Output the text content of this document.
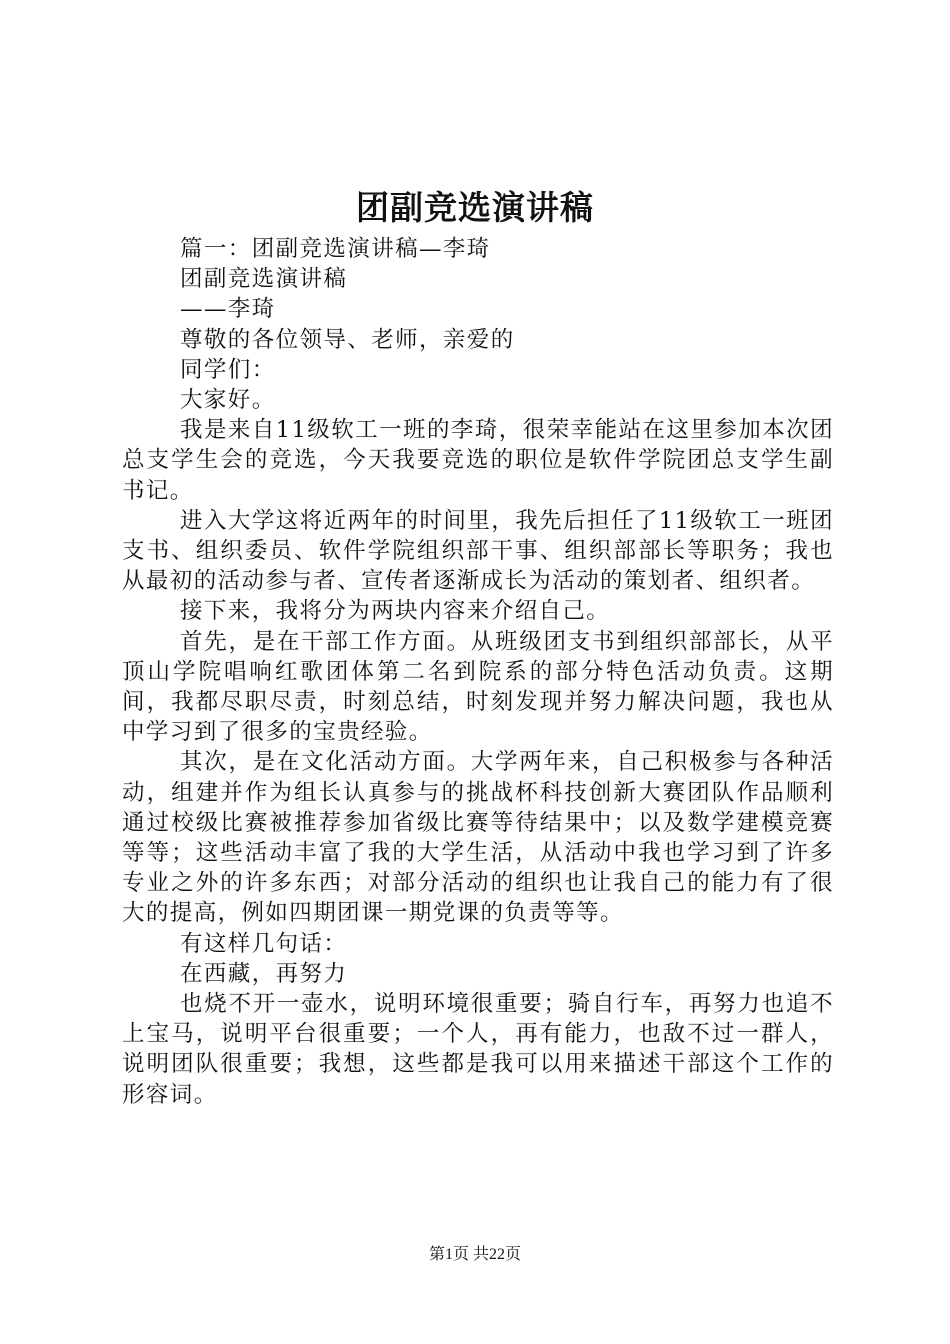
团副竞选演讲稿

篇一：团副竞选演讲稿—李琦

团副竞选演讲稿

——李琦

尊敬的各位领导、老师，亲爱的

同学们：

大家好。

我是来自11级软工一班的李琦，很荣幸能站在这里参加本次团总支学生会的竞选，今天我要竞选的职位是软件学院团总支学生副书记。

进入大学这将近两年的时间里，我先后担任了11级软工一班团支书、组织委员、软件学院组织部干事、组织部部长等职务；我也从最初的活动参与者、宣传者逐渐成长为活动的策划者、组织者。

接下来，我将分为两块内容来介绍自己。

首先，是在干部工作方面。从班级团支书到组织部部长，从平顶山学院唱响红歌团体第二名到院系的部分特色活动负责。这期间，我都尽职尽责，时刻总结，时刻发现并努力解决问题，我也从中学习到了很多的宝贵经验。

其次，是在文化活动方面。大学两年来，自己积极参与各种活动，组建并作为组长认真参与的挑战杯科技创新大赛团队作品顺利通过校级比赛被推荐参加省级比赛等待结果中；以及数学建模竞赛等等；这些活动丰富了我的大学生活，从活动中我也学习到了许多专业之外的许多东西；对部分活动的组织也让我自己的能力有了很大的提高，例如四期团课一期党课的负责等等。

有这样几句话：

在西藏，再努力

也烧不开一壶水，说明环境很重要；骑自行车，再努力也追不上宝马，说明平台很重要；一个人，再有能力，也敌不过一群人，说明团队很重要；我想，这些都是我可以用来描述干部这个工作的形容词。

第1页 共22页
